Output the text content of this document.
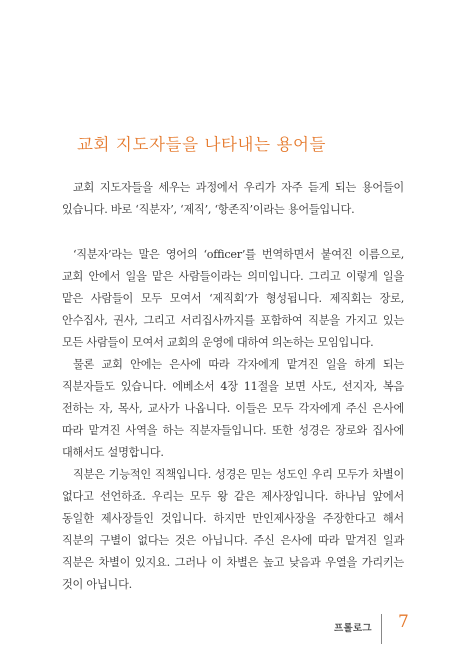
교회 지도자들을 나타내는 용어들

교회 지도자들을 세우는 과정에서 우리가 자주 듣게 되는 용어들이 있습니다. 바로 ‘직분자’, ‘제직’, ‘항존직’이라는 용어들입니다.

‘직분자’라는 말은 영어의 ‘officer’를 번역하면서 붙여진 이름으로, 교회 안에서 일을 맡은 사람들이라는 의미입니다. 그리고 이렇게 일을 맡은 사람들이 모두 모여서 ‘제직회’가 형성됩니다. 제직회는 장로, 안수집사, 권사, 그리고 서리집사까지를 포함하여 직분을 가지고 있는 모든 사람들이 모여서 교회의 운영에 대하여 의논하는 모임입니다.

물론 교회 안에는 은사에 따라 각자에게 맡겨진 일을 하게 되는 직분자들도 있습니다. 에베소서 4장 11절을 보면 사도, 선지자, 복음 전하는 자, 목사, 교사가 나옵니다. 이들은 모두 각자에게 주신 은사에 따라 맡겨진 사역을 하는 직분자들입니다. 또한 성경은 장로와 집사에 대해서도 설명합니다.

직분은 기능적인 직책입니다. 성경은 믿는 성도인 우리 모두가 차별이 없다고 선언하죠. 우리는 모두 왕 같은 제사장입니다. 하나님 앞에서 동일한 제사장들인 것입니다. 하지만 만인제사장을 주장한다고 해서 직분의 구별이 없다는 것은 아닙니다. 주신 은사에 따라 맡겨진 일과 직분은 차별이 있지요. 그러나 이 차별은 높고 낮음과 우열을 가리키는 것이 아닙니다.

프롤로그 7
